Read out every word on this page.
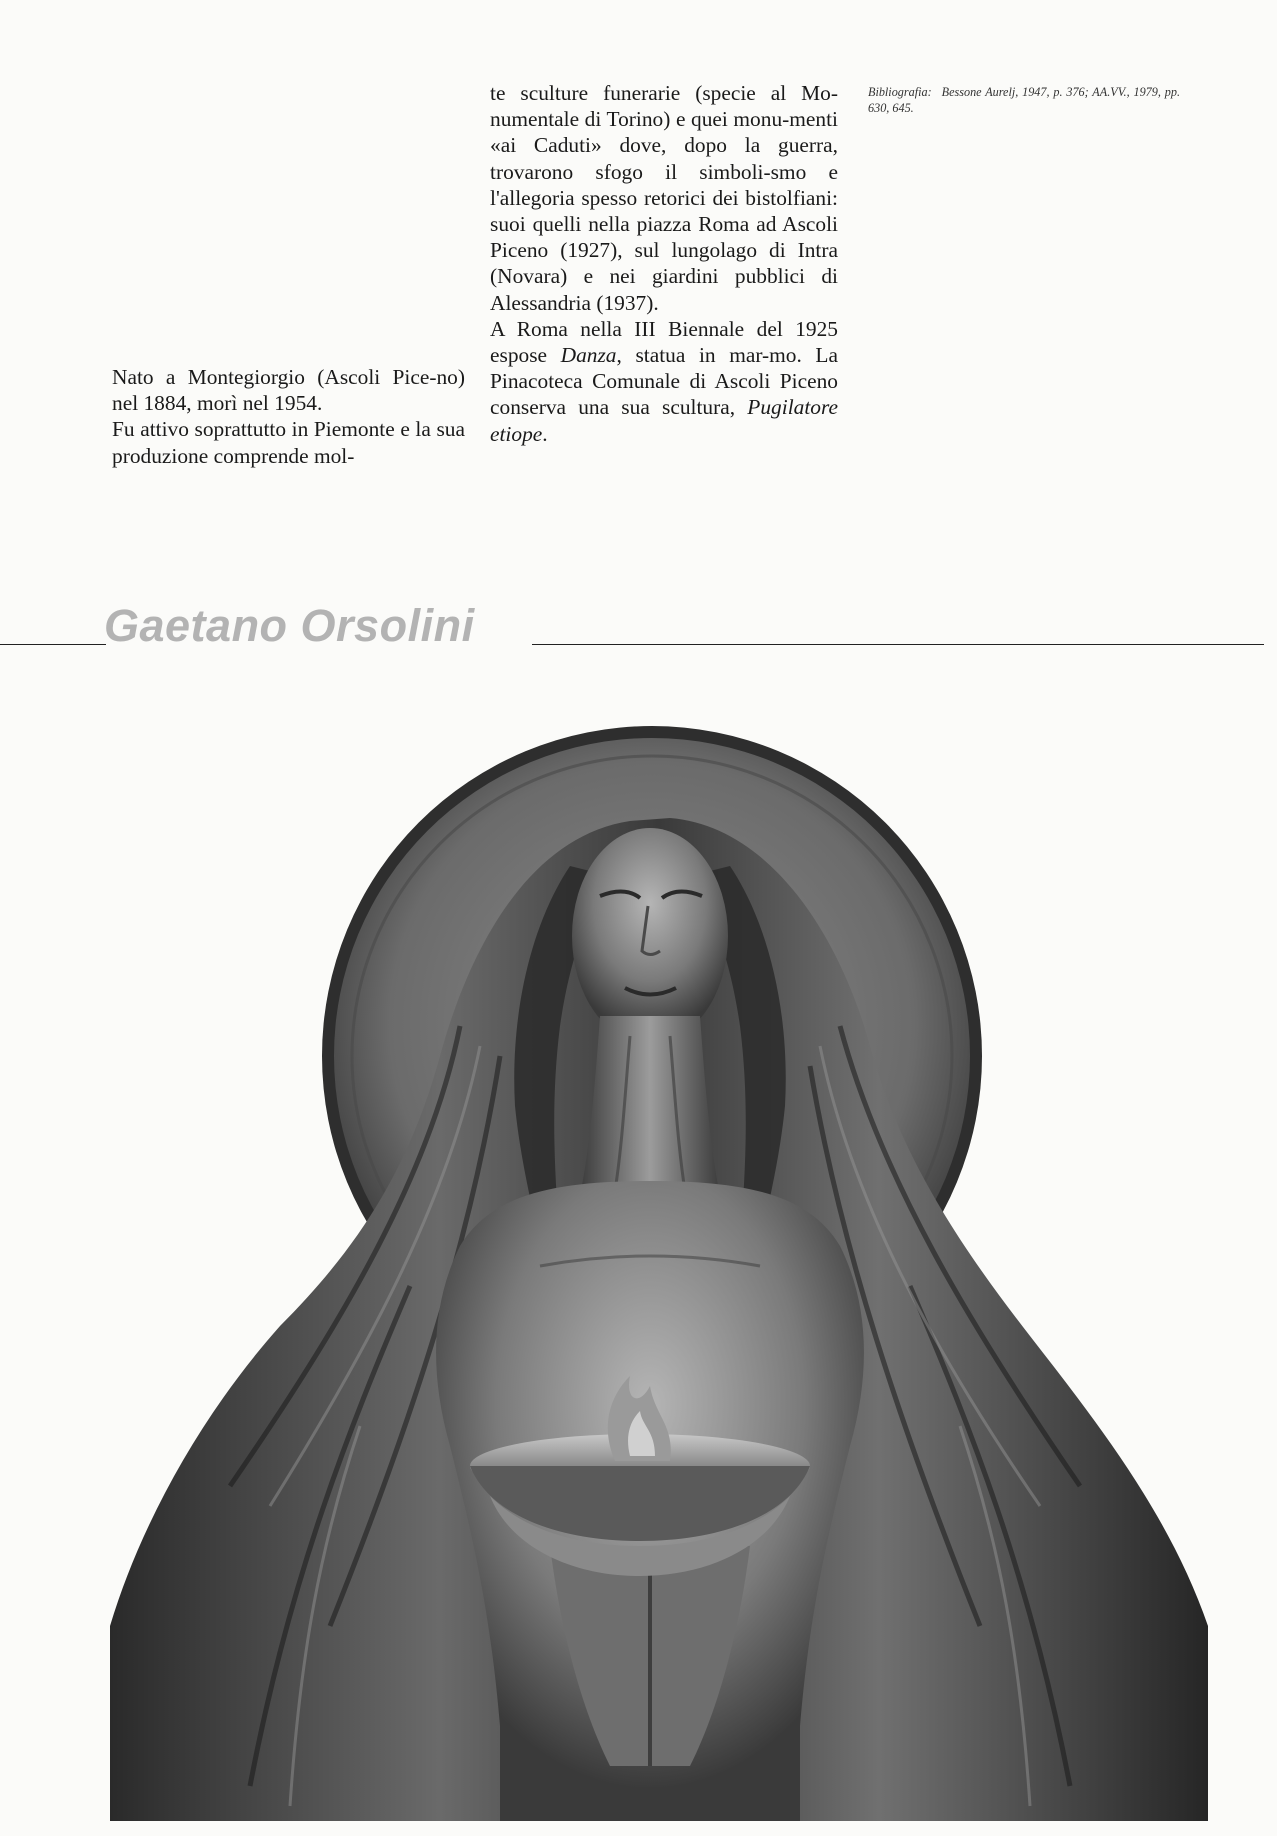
Nato a Montegiorgio (Ascoli Pice-no) nel 1884, morì nel 1954.

Fu attivo soprattutto in Piemonte e la sua produzione comprende mol-

te sculture funerarie (specie al Mo-numentale di Torino) e quei monu-menti «ai Caduti» dove, dopo la guerra, trovarono sfogo il simboli-smo e l'allegoria spesso retorici dei bistolfiani: suoi quelli nella piazza Roma ad Ascoli Piceno (1927), sul lungolago di Intra (Novara) e nei giardini pubblici di Alessandria (1937).

A Roma nella III Biennale del 1925 espose Danza, statua in mar-mo. La Pinacoteca Comunale di Ascoli Piceno conserva una sua scultura, Pugilatore etiope.

Bibliografia: Bessone Aurelj, 1947, p. 376; AA.VV., 1979, pp. 630, 645.
Gaetano Orsolini
